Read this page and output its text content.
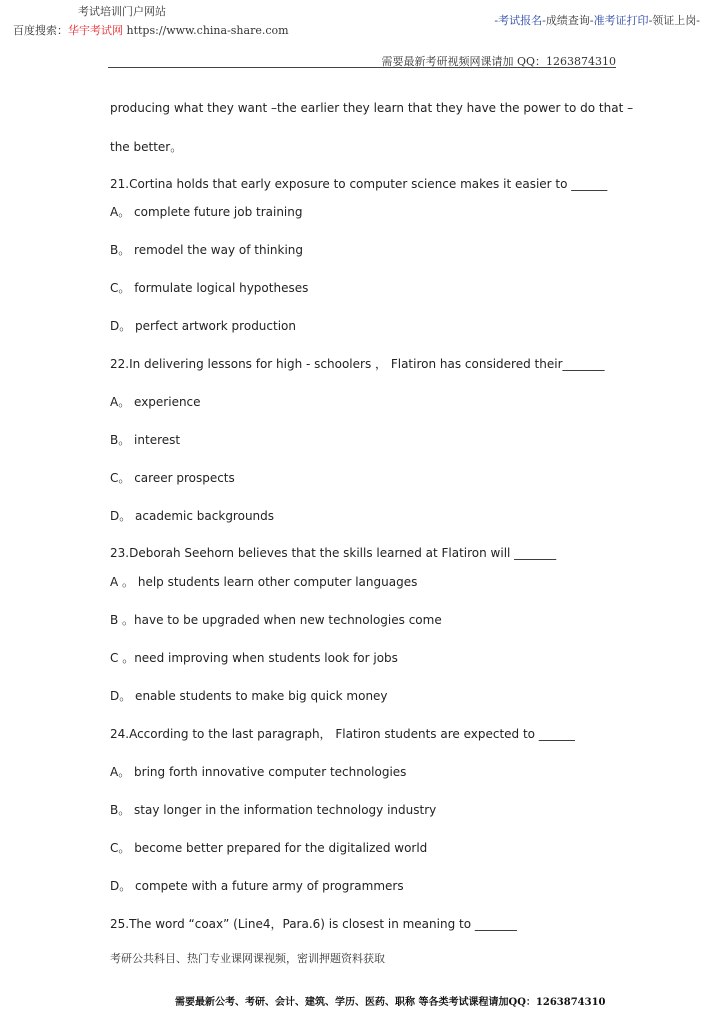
考试培训门户网站
百度搜索：华宇考试网 https://www.china-share.com
-考试报名-成绩查询-准考证打印-领证上岗-
需要最新考研视频网课请加 QQ：1263874310
producing what they want –the earlier they learn that they have the power to do that –
the better。
21.Cortina holds that early exposure to computer science makes it easier to ______
A。 complete future job training
B。 remodel the way of thinking
C。 formulate logical hypotheses
D。 perfect artwork production
22.In delivering lessons for high - schoolers ， Flatiron has considered their_______
A。 experience
B。 interest
C。 career prospects
D。 academic backgrounds
23.Deborah Seehorn believes that the skills learned at Flatiron will _______
A 。 help students learn other computer languages
B 。have to be upgraded when new technologies come
C 。need improving when students look for jobs
D。 enable students to make big quick money
24.According to the last paragraph， Flatiron students are expected to ______
A。 bring forth innovative computer technologies
B。 stay longer in the information technology industry
C。 become better prepared for the digitalized world
D。 compete with a future army of programmers
25.The word “coax” (Line4，Para.6) is closest in meaning to _______
考研公共科目、热门专业课网课视频，密训押题资料获取
需要最新公考、考研、会计、建筑、学历、医药、职称 等各类考试课程请加QQ：1263874310
